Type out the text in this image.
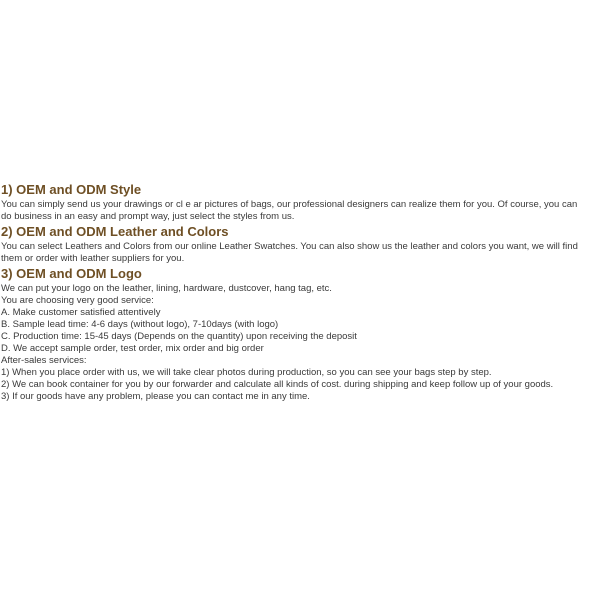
1) OEM and ODM Style

You can simply send us your drawings or cl e ar pictures of bags, our professional designers can realize them for you. Of course, you can
do business in an easy and prompt way, just select the styles from us.

2) OEM and ODM Leather and Colors

You can select Leathers and Colors from our online Leather Swatches. You can also show us the leather and colors you want, we will find
them or order with leather suppliers for you.

3) OEM and ODM Logo

We can put your logo on the leather, lining, hardware, dustcover, hang tag, etc.
You are choosing very good service:
A. Make customer satisfied attentively
B. Sample lead time: 4-6 days (without logo), 7-10days (with logo)
C. Production time: 15-45 days (Depends on the quantity) upon receiving the deposit
D. We accept sample order, test order, mix order and big order
After-sales services:
1) When you place order with us, we will take clear photos during production, so you can see your bags step by step.
2) We can book container for you by our forwarder and calculate all kinds of cost. during shipping and keep follow up of your goods.
3) If our goods have any problem, please you can contact me in any time.
